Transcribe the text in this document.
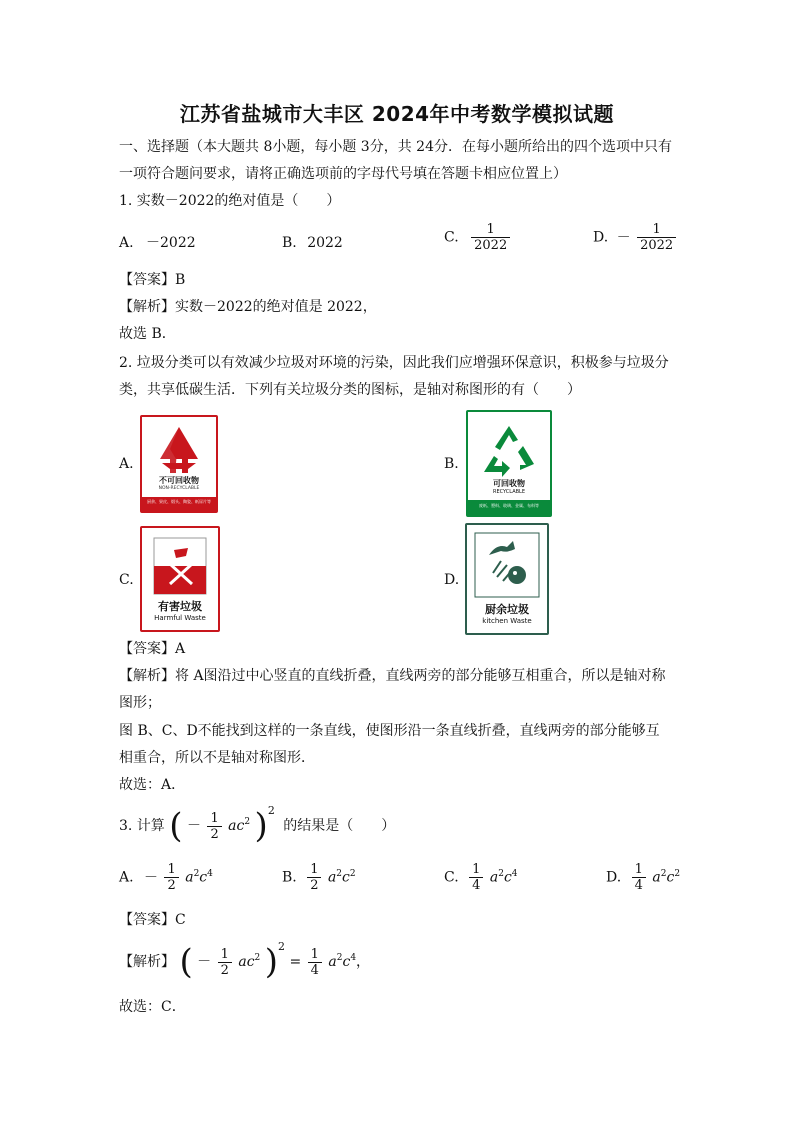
江苏省盐城市大丰区 2024年中考数学模拟试题
一、选择题（本大题共 8小题，每小题 3分，共 24分．在每小题所给出的四个选项中只有
一项符合题问要求，请将正确选项前的字母代号填在答题卡相应位置上）
1. 实数－2022的绝对值是（　　）
A. －2022	B. 2022	C. $\frac{1}{2022}$	D. － $\frac{1}{2022}$
【答案】B
【解析】实数－2022的绝对值是 2022，
故选 B．
2. 垃圾分类可以有效减少垃圾对环境的污染，因此我们应增强环保意识，积极参与垃圾分
类，共享低碳生活．下列有关垃圾分类的图标，是轴对称图形的有（　　）
A.
不可回收物
NON-RECYCLABLE
厨余、果皮、烟头、陶瓷、纸尿片等
B.
可回收物
RECYCLABLE
废纸、塑料、玻璃、金属、布料等
C.
有害垃圾
Harmful Waste
D.
厨余垃圾
kitchen Waste
【答案】A
【解析】将 A图沿过中心竖直的直线折叠，直线两旁的部分能够互相重合，所以是轴对称
图形；
图 B、C、D不能找到这样的一条直线，使图形沿一条直线折叠，直线两旁的部分能够互
相重合，所以不是轴对称图形．
故选：A．
3. 计算 ( － $\frac{1}{2} ac^2$ )$^2$ 的结果是（　　）
A. － $\frac{1}{2} a^2c^4$	B. $\frac{1}{2} a^2c^2$	C. $\frac{1}{4} a^2c^4$	D. $\frac{1}{4} a^2c^2$
【答案】C
【解析】 ( － $\frac{1}{2} ac^2$ )$^2 = \frac{1}{4} a^2c^4$，
故选：C．
